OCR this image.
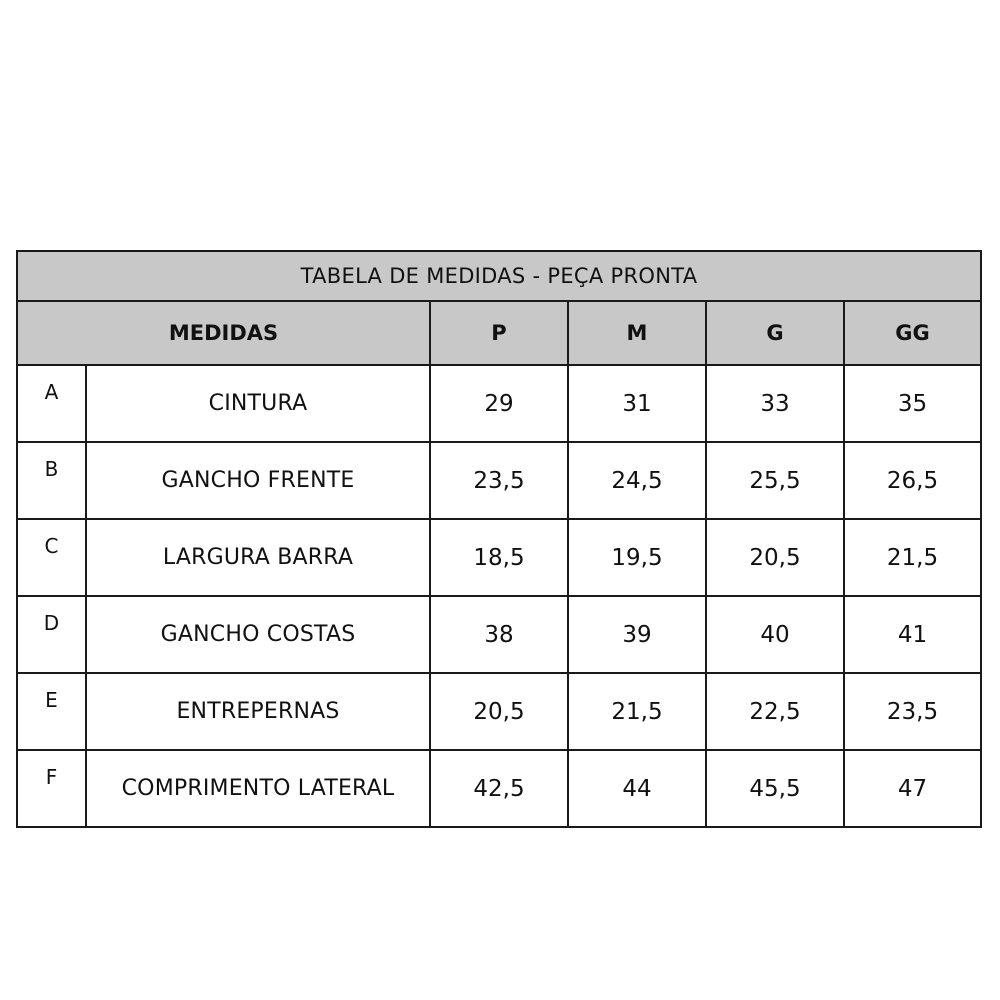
TABELA DE MEDIDAS - PEÇA PRONTA					
MEDIDAS		P	M	G	GG
A	CINTURA	29	31	33	35
B	GANCHO FRENTE	23,5	24,5	25,5	26,5
C	LARGURA BARRA	18,5	19,5	20,5	21,5
D	GANCHO COSTAS	38	39	40	41
E	ENTREPERNAS	20,5	21,5	22,5	23,5
F	COMPRIMENTO LATERAL	42,5	44	45,5	47
